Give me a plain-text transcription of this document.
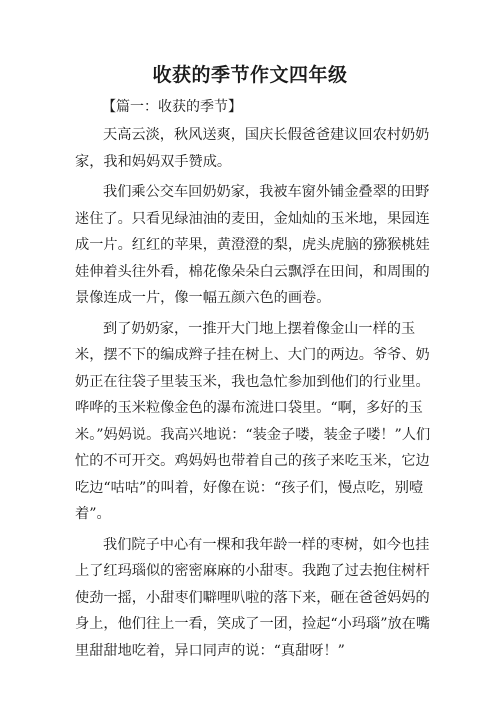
收获的季节作文四年级
【篇一：收获的季节】

天高云淡，秋风送爽，国庆长假爸爸建议回农村奶奶家，我和妈妈双手赞成。

我们乘公交车回奶奶家，我被车窗外铺金叠翠的田野迷住了。只看见绿油油的麦田，金灿灿的玉米地，果园连成一片。红红的苹果，黄澄澄的梨，虎头虎脑的猕猴桃娃娃伸着头往外看，棉花像朵朵白云飘浮在田间，和周围的景像连成一片，像一幅五颜六色的画卷。

到了奶奶家，一推开大门地上摆着像金山一样的玉米，摆不下的编成辫子挂在树上、大门的两边。爷爷、奶奶正在往袋子里装玉米，我也急忙参加到他们的行业里。哗哗的玉米粒像金色的瀑布流进口袋里。“啊，多好的玉米。”妈妈说。我高兴地说：“装金子喽，装金子喽！”人们忙的不可开交。鸡妈妈也带着自己的孩子来吃玉米，它边吃边“咕咕”的叫着，好像在说：“孩子们，慢点吃，别噎着”。

我们院子中心有一棵和我年龄一样的枣树，如今也挂上了红玛瑙似的密密麻麻的小甜枣。我跑了过去抱住树杆使劲一摇，小甜枣们噼哩叭啦的落下来，砸在爸爸妈妈的身上，他们往上一看，笑成了一团，捡起“小玛瑙”放在嘴里甜甜地吃着，异口同声的说：“真甜呀！”
